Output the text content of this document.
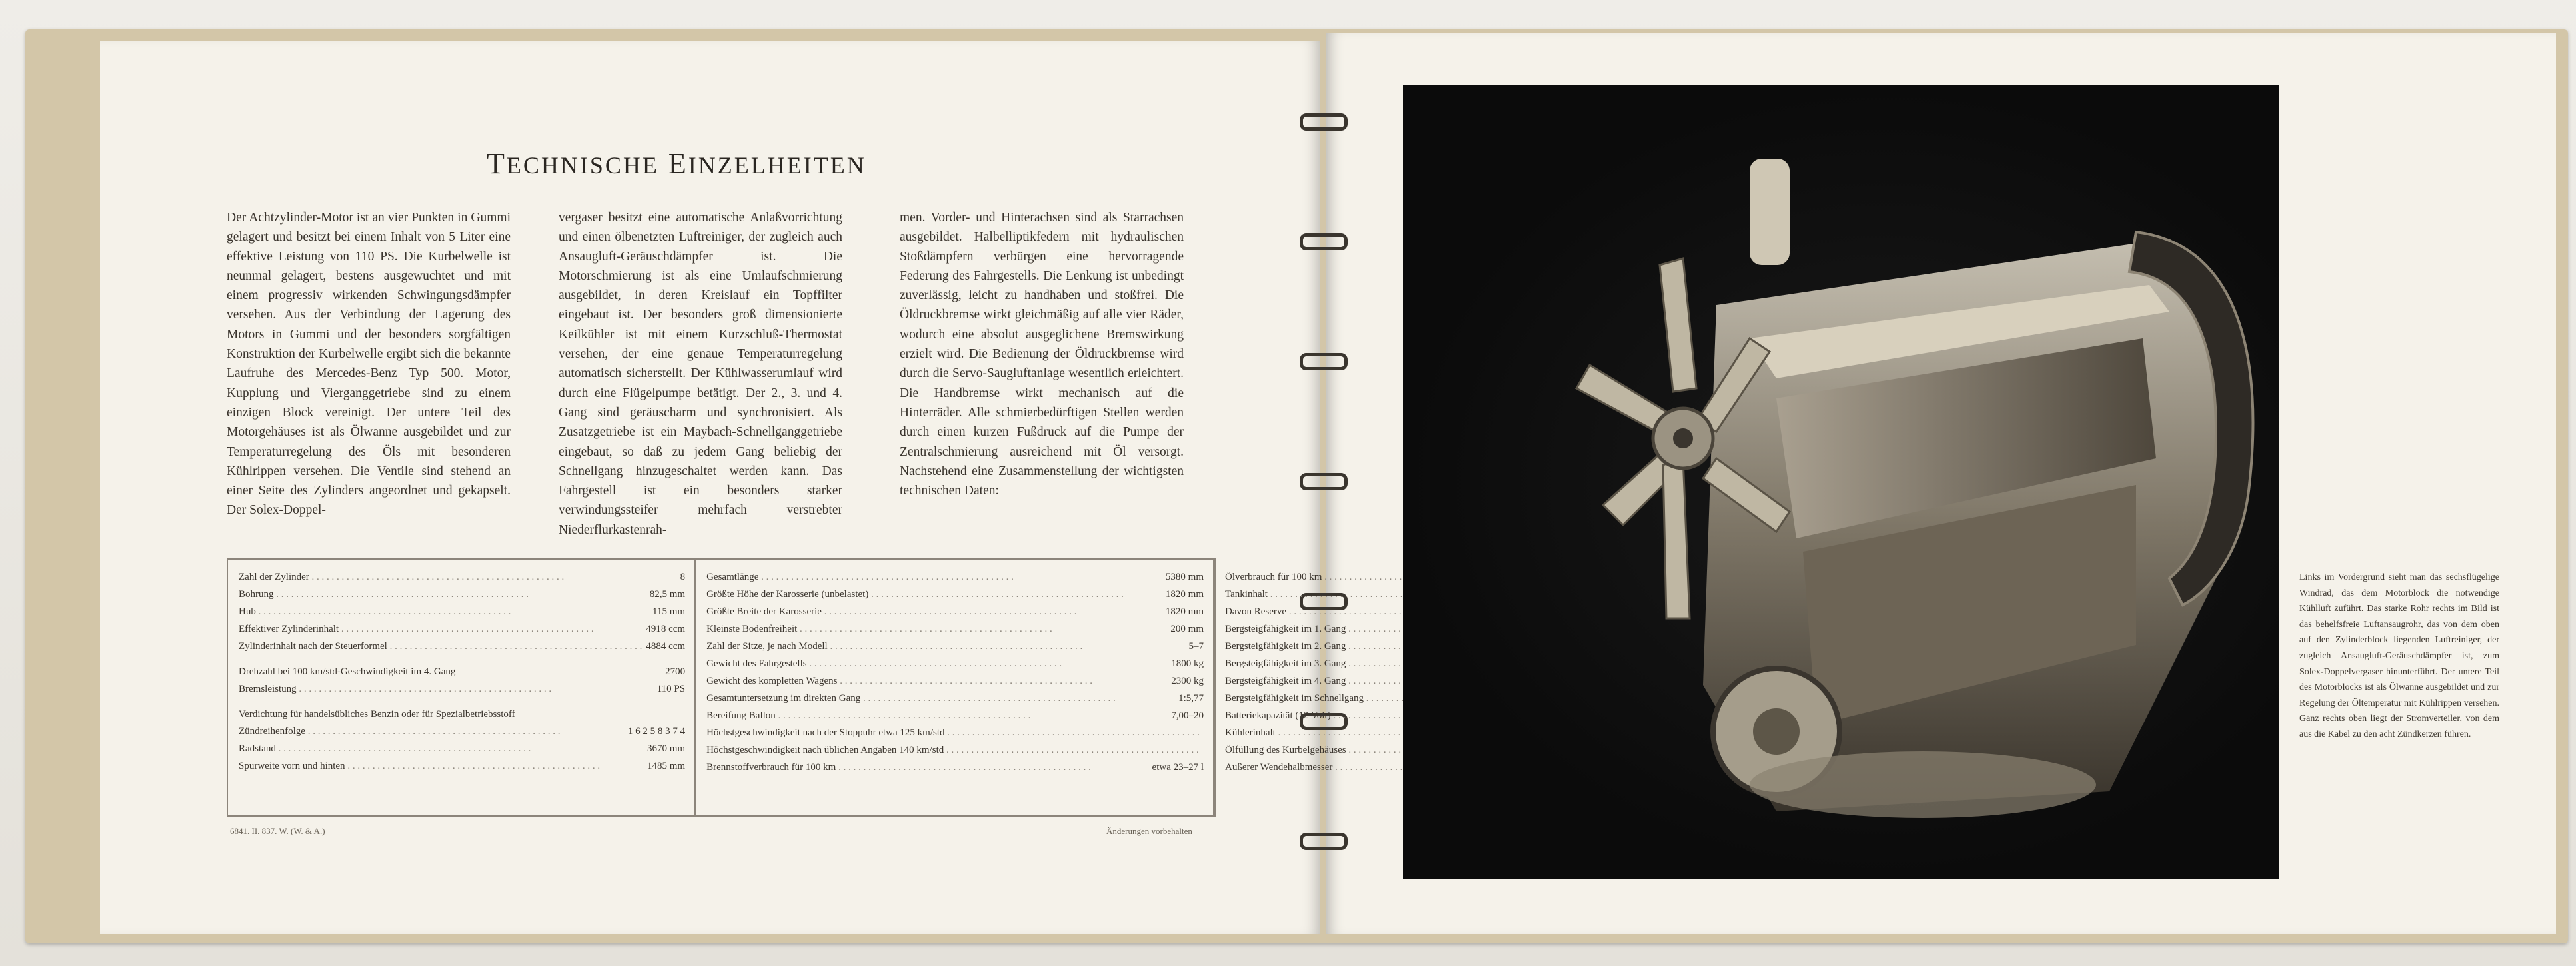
TECHNISCHE EINZELHEITEN

Der Achtzylinder-Motor ist an vier Punkten in Gummi gelagert und besitzt bei einem Inhalt von 5 Liter eine effektive Leistung von 110 PS. Die Kurbelwelle ist neunmal gelagert, bestens ausgewuchtet und mit einem progressiv wirkenden Schwingungsdämpfer versehen. Aus der Verbindung der Lagerung des Motors in Gummi und der besonders sorgfältigen Konstruktion der Kurbelwelle ergibt sich die bekannte Laufruhe des Mercedes-Benz Typ 500. Motor, Kupplung und Vierganggetriebe sind zu einem einzigen Block vereinigt. Der untere Teil des Motorgehäuses ist als Ölwanne ausgebildet und zur Temperaturregelung des Öls mit besonderen Kühlrippen versehen. Die Ventile sind stehend an einer Seite des Zylinders angeordnet und gekapselt. Der Solex-Doppel-

vergaser besitzt eine automatische Anlaßvorrichtung und einen ölbenetzten Luftreiniger, der zugleich auch Ansaugluft-Geräuschdämpfer ist. Die Motorschmierung ist als eine Umlaufschmierung ausgebildet, in deren Kreislauf ein Topffilter eingebaut ist. Der besonders groß dimensionierte Keilkühler ist mit einem Kurzschluß-Thermostat versehen, der eine genaue Temperaturregelung automatisch sicherstellt. Der Kühlwasserumlauf wird durch eine Flügelpumpe betätigt. Der 2., 3. und 4. Gang sind geräuscharm und synchronisiert. Als Zusatzgetriebe ist ein Maybach-Schnellganggetriebe eingebaut, so daß zu jedem Gang beliebig der Schnellgang hinzugeschaltet werden kann. Das Fahrgestell ist ein besonders starker verwindungssteifer mehrfach verstrebter Niederflurkastenrah-

men. Vorder- und Hinterachsen sind als Starrachsen ausgebildet. Halbelliptikfedern mit hydraulischen Stoßdämpfern verbürgen eine hervorragende Federung des Fahrgestells. Die Lenkung ist unbedingt zuverlässig, leicht zu handhaben und stoßfrei. Die Öldruckbremse wirkt gleichmäßig auf alle vier Räder, wodurch eine absolut ausgeglichene Bremswirkung erzielt wird. Die Bedienung der Öldruckbremse wird durch die Servo-Saugluftanlage wesentlich erleichtert. Die Handbremse wirkt mechanisch auf die Hinterräder. Alle schmierbedürftigen Stellen werden durch einen kurzen Fußdruck auf die Pumpe der Zentralschmierung ausreichend mit Öl versorgt. Nachstehend eine Zusammenstellung der wichtigsten technischen Daten:

Zahl der Zylinder . . .	8
Bohrung . . .	82,5 mm
Hub . . .	115 mm
Effektiver Zylinderinhalt . . .	4918 ccm
Zylinderinhalt nach der Steuerformel . . .	4884 ccm
Drehzahl bei 100 km/std-Geschwindigkeit im 4. Gang	2700
Bremsleistung . . .	110 PS
Verdichtung für handelsübliches Benzin oder für Spezialbetriebsstoff
Zündreihenfolge . . .	1 6 2 5 8 3 7 4
Radstand . . .	3670 mm
Spurweite vorn und hinten . . .	1485 mm
Gesamtlänge . . .	5380 mm
Größte Höhe der Karosserie (unbelastet) . . .	1820 mm
Größte Breite der Karosserie . . .	1820 mm
Kleinste Bodenfreiheit . . .	200 mm
Zahl der Sitze, je nach Modell . . .	5–7
Gewicht des Fahrgestells . . .	1800 kg
Gewicht des kompletten Wagens . . .	2300 kg
Gesamtuntersetzung im direkten Gang . . .	1:5,77
Bereifung Ballon . . .	7,00–20
Höchstgeschwindigkeit nach der Stoppuhr etwa 125 km/std . . .
Höchstgeschwindigkeit nach üblichen Angaben 140 km/std . . .
Brennstoffverbrauch für 100 km . . .	etwa 23–27 l
Ölverbrauch für 100 km . . .
Tankinhalt . . .
Davon Reserve . . .
Bergsteigfähigkeit im 1. Gang . . .
Bergsteigfähigkeit im 2. Gang . . .
Bergsteigfähigkeit im 3. Gang . . .
Bergsteigfähigkeit im 4. Gang . . .
Bergsteigfähigkeit im Schnellgang . . .
Batteriekapazität (12 Volt) . . .
Kühlerinhalt . . .
Ölfüllung des Kurbelgehäuses . . .
Äußerer Wendehalbmesser . . .
6841. II. 837. W. (W. & A.)	Änderungen vorbehalten
Links im Vordergrund sieht man das sechsflügelige Windrad, das dem Motorblock die notwendige Kühlluft zuführt. Das starke Rohr rechts im Bild ist das behelfsfreie Luftansaugrohr, das von dem oben auf den Zylinderblock liegenden Luftreiniger, der zugleich Ansaugluft-Geräuschdämpfer ist, zum Solex-Doppelvergaser hinunterführt. Der untere Teil des Motorblocks ist als Ölwanne ausgebildet und zur Regelung der Öltemperatur mit Kühlrippen versehen. Ganz rechts oben liegt der Stromverteiler, von dem aus die Kabel zu den acht Zündkerzen führen.
